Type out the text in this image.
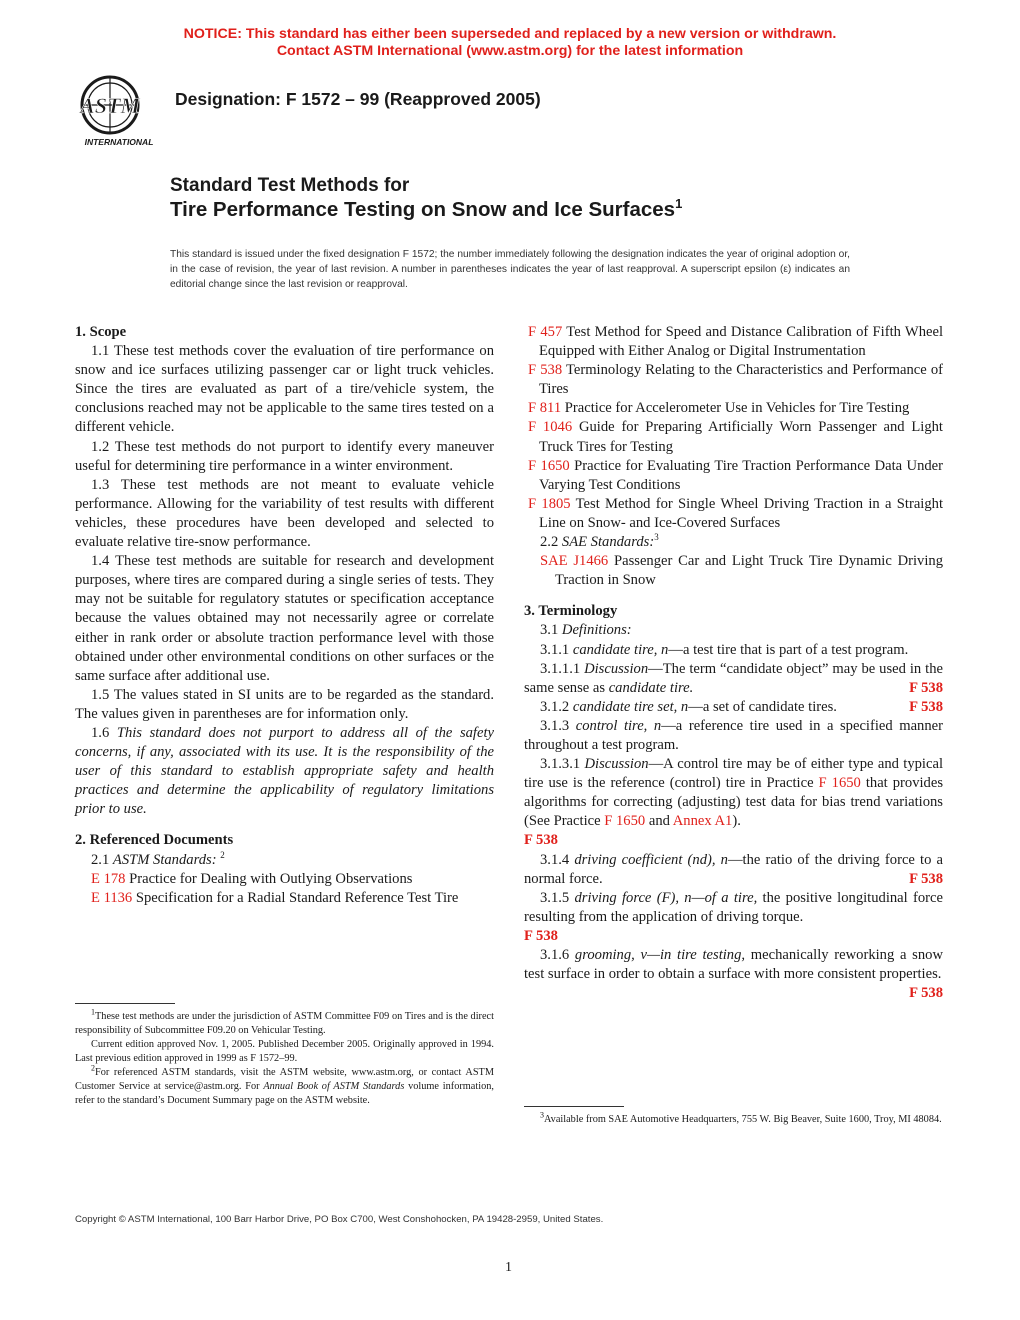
NOTICE: This standard has either been superseded and replaced by a new version or withdrawn.
Contact ASTM International (www.astm.org) for the latest information
ASTM
INTERNATIONAL
Designation: F 1572 – 99 (Reapproved 2005)
Standard Test Methods for
Tire Performance Testing on Snow and Ice Surfaces$^1$
This standard is issued under the fixed designation F 1572; the number immediately following the designation indicates the year of original adoption or, in the case of revision, the year of last revision. A number in parentheses indicates the year of last reapproval. A superscript epsilon (ε) indicates an editorial change since the last revision or reapproval.

1. Scope

1.1 These test methods cover the evaluation of tire performance on snow and ice surfaces utilizing passenger car or light truck vehicles. Since the tires are evaluated as part of a tire/vehicle system, the conclusions reached may not be applicable to the same tires tested on a different vehicle.

1.2 These test methods do not purport to identify every maneuver useful for determining tire performance in a winter environment.

1.3 These test methods are not meant to evaluate vehicle performance. Allowing for the variability of test results with different vehicles, these procedures have been developed and selected to evaluate relative tire-snow performance.

1.4 These test methods are suitable for research and development purposes, where tires are compared during a single series of tests. They may not be suitable for regulatory statutes or specification acceptance because the values obtained may not necessarily agree or correlate either in rank order or absolute traction performance level with those obtained under other environmental conditions on other surfaces or the same surface after additional use.

1.5 The values stated in SI units are to be regarded as the standard. The values given in parentheses are for information only.

1.6 This standard does not purport to address all of the safety concerns, if any, associated with its use. It is the responsibility of the user of this standard to establish appropriate safety and health practices and determine the applicability of regulatory limitations prior to use.

2. Referenced Documents

2.1 ASTM Standards: $^2$

E 178 Practice for Dealing with Outlying Observations

E 1136 Specification for a Radial Standard Reference Test Tire

$^1$These test methods are under the jurisdiction of ASTM Committee F09 on Tires and is the direct responsibility of Subcommittee F09.20 on Vehicular Testing.

Current edition approved Nov. 1, 2005. Published December 2005. Originally approved in 1994. Last previous edition approved in 1999 as F 1572–99.

$^2$For referenced ASTM standards, visit the ASTM website, www.astm.org, or contact ASTM Customer Service at service@astm.org. For Annual Book of ASTM Standards volume information, refer to the standard’s Document Summary page on the ASTM website.

F 457 Test Method for Speed and Distance Calibration of Fifth Wheel Equipped with Either Analog or Digital Instrumentation

F 538 Terminology Relating to the Characteristics and Performance of Tires

F 811 Practice for Accelerometer Use in Vehicles for Tire Testing

F 1046 Guide for Preparing Artificially Worn Passenger and Light Truck Tires for Testing

F 1650 Practice for Evaluating Tire Traction Performance Data Under Varying Test Conditions

F 1805 Test Method for Single Wheel Driving Traction in a Straight Line on Snow- and Ice-Covered Surfaces

2.2 SAE Standards:$^3$

SAE J1466 Passenger Car and Light Truck Tire Dynamic Driving Traction in Snow

3. Terminology

3.1 Definitions:

3.1.1 candidate tire, n—a test tire that is part of a test program.

3.1.1.1 Discussion—The term “candidate object” may be used in the same sense as candidate tire.	F 538

3.1.2 candidate tire set, n—a set of candidate tires.	F 538

3.1.3 control tire, n—a reference tire used in a specified manner throughout a test program.

3.1.3.1 Discussion—A control tire may be of either type and typical tire use is the reference (control) tire in Practice F 1650 that provides algorithms for correcting (adjusting) test data for bias trend variations (See Practice F 1650 and Annex A1).

F 538

3.1.4 driving coefficient (nd), n—the ratio of the driving force to a normal force.	F 538

3.1.5 driving force (F), n—of a tire, the positive longitudinal force resulting from the application of driving torque.

F 538

3.1.6 grooming, v—in tire testing, mechanically reworking a snow test surface in order to obtain a surface with more consistent properties.
F 538

$^3$Available from SAE Automotive Headquarters, 755 W. Big Beaver, Suite 1600, Troy, MI 48084.

Copyright © ASTM International, 100 Barr Harbor Drive, PO Box C700, West Conshohocken, PA 19428-2959, United States.
1
